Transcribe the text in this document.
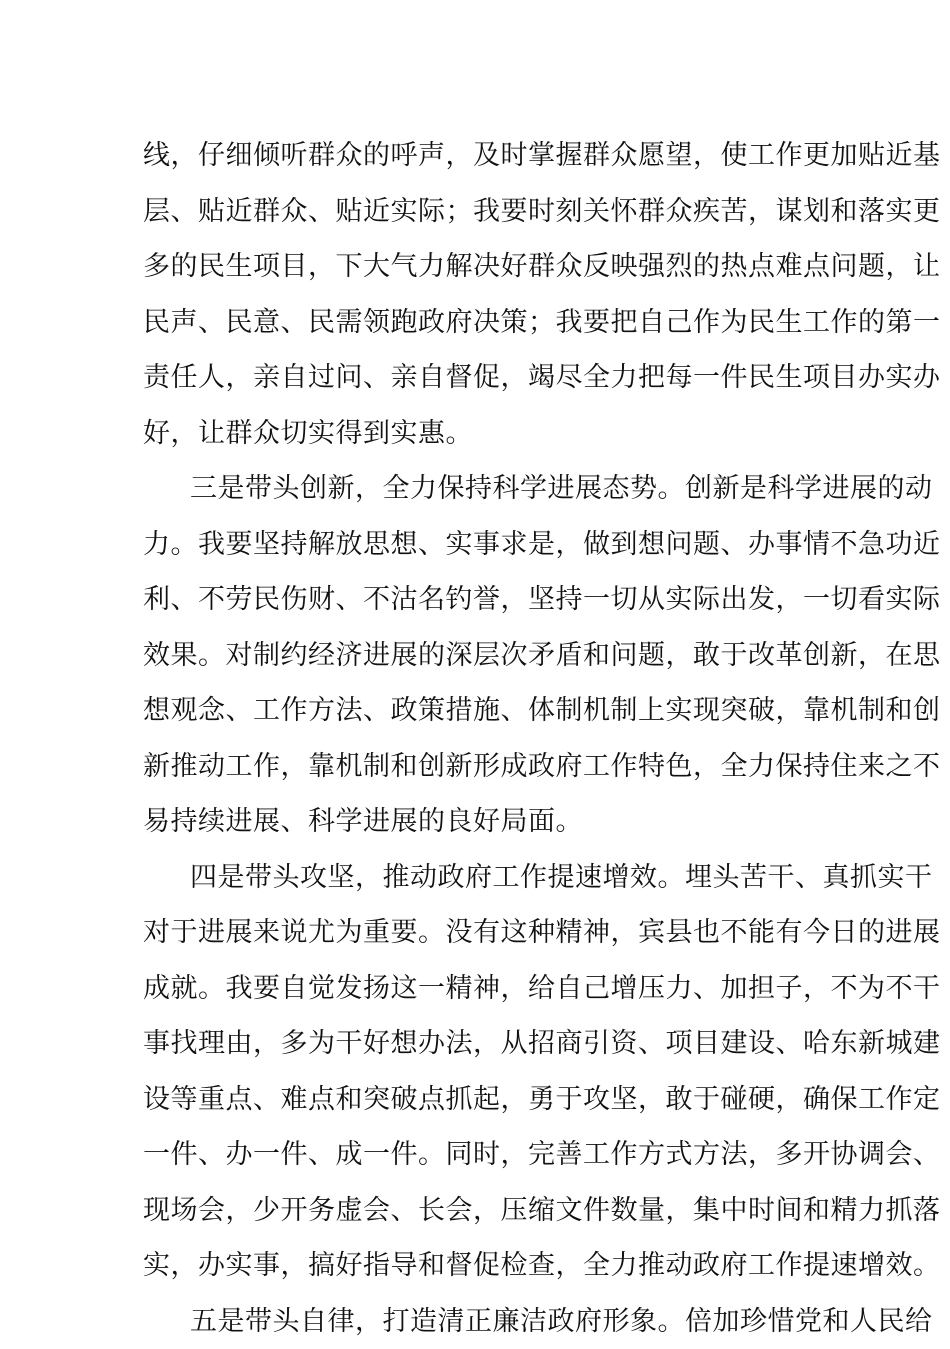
线，仔细倾听群众的呼声，及时掌握群众愿望，使工作更加贴近基
层、贴近群众、贴近实际；我要时刻关怀群众疾苦，谋划和落实更
多的民生项目，下大气力解决好群众反映强烈的热点难点问题，让
民声、民意、民需领跑政府决策；我要把自己作为民生工作的第一
责任人，亲自过问、亲自督促，竭尽全力把每一件民生项目办实办
好，让群众切实得到实惠。
三是带头创新，全力保持科学进展态势。创新是科学进展的动
力。我要坚持解放思想、实事求是，做到想问题、办事情不急功近
利、不劳民伤财、不沽名钓誉，坚持一切从实际出发，一切看实际
效果。对制约经济进展的深层次矛盾和问题，敢于改革创新，在思
想观念、工作方法、政策措施、体制机制上实现突破，靠机制和创
新推动工作，靠机制和创新形成政府工作特色，全力保持住来之不
易持续进展、科学进展的良好局面。
四是带头攻坚，推动政府工作提速增效。埋头苦干、真抓实干
对于进展来说尤为重要。没有这种精神，宾县也不能有今日的进展
成就。我要自觉发扬这一精神，给自己增压力、加担子，不为不干
事找理由，多为干好想办法，从招商引资、项目建设、哈东新城建
设等重点、难点和突破点抓起，勇于攻坚，敢于碰硬，确保工作定
一件、办一件、成一件。同时，完善工作方式方法，多开协调会、
现场会，少开务虚会、长会，压缩文件数量，集中时间和精力抓落
实，办实事，搞好指导和督促检查，全力推动政府工作提速增效。
五是带头自律，打造清正廉洁政府形象。倍加珍惜党和人民给
